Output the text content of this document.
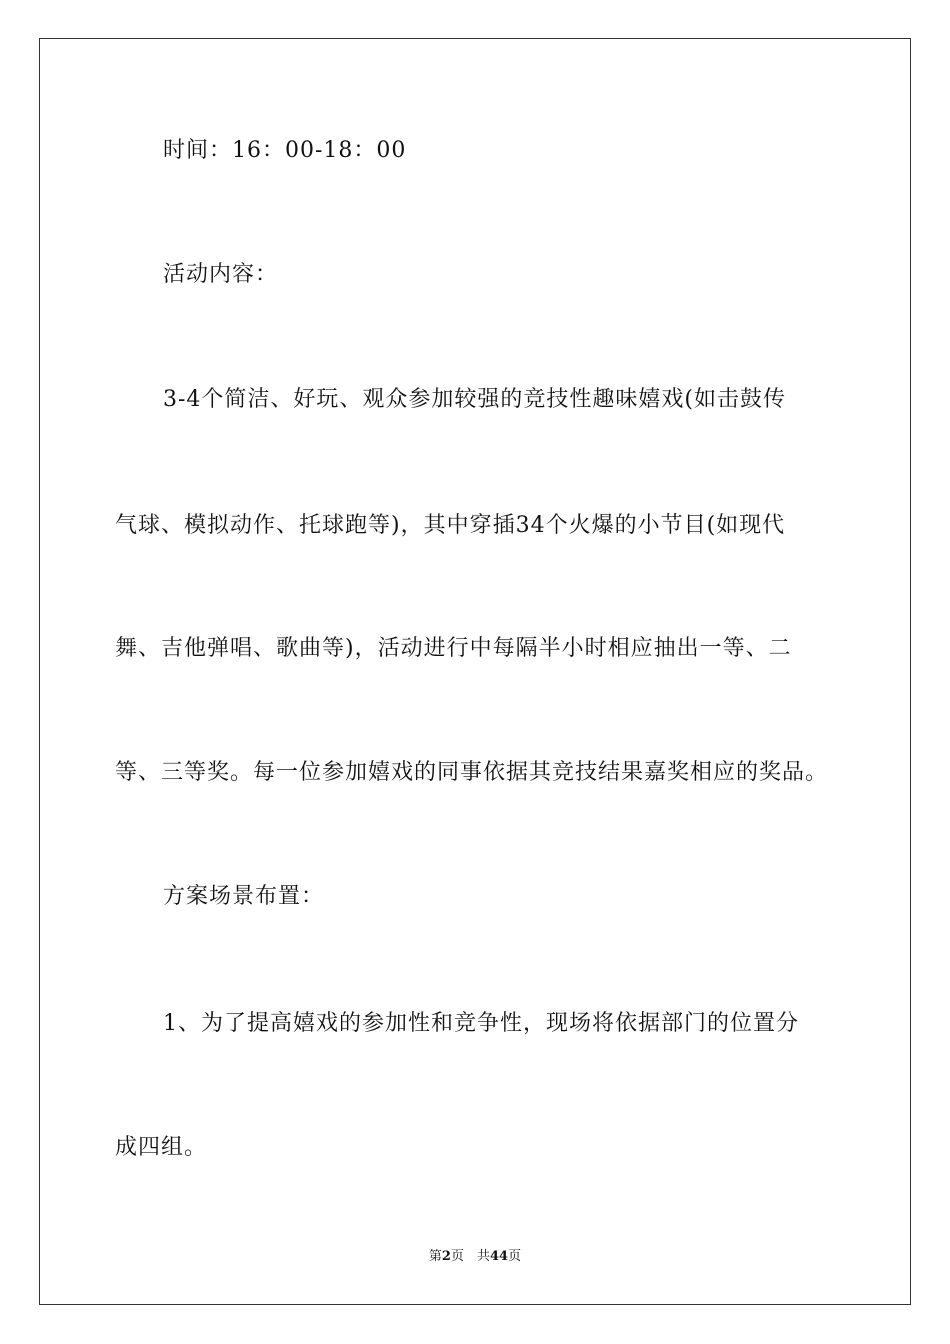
时间：16：00-18：00
活动内容：
3-4个简洁、好玩、观众参加较强的竞技性趣味嬉戏(如击鼓传
气球、模拟动作、托球跑等)，其中穿插34个火爆的小节目(如现代
舞、吉他弹唱、歌曲等)，活动进行中每隔半小时相应抽出一等、二
等、三等奖。每一位参加嬉戏的同事依据其竞技结果嘉奖相应的奖品。
方案场景布置：
1、为了提高嬉戏的参加性和竞争性，现场将依据部门的位置分
成四组。
第2页　共44页
